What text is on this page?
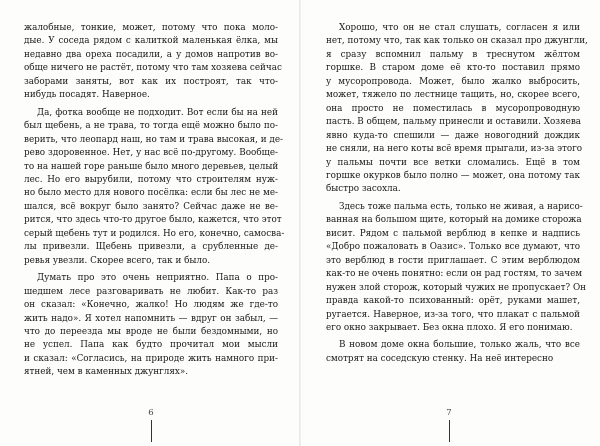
жалобные, тонкие, может, потому что пока моло-
дые. У соседа рядом с калиткой маленькая ёлка, мы
недавно два ореха посадили, а у домов напротив во-
обще ничего не растёт, потому что там хозяева сейчас
заборами заняты, вот как их построят, так что-
нибудь посадят. Наверное.

Да, фотка вообще не подходит. Вот если бы на ней
был щебень, а не трава, то тогда ещё можно было по-
верить, что леопард наш, но там и трава высокая, и де-
рево здоровенное. Нет, у нас всё по-другому. Вообще-
то на нашей горе раньше было много деревьев, целый
лес. Но его вырубили, потому что строителям нуж-
но было место для нового посёлка: если бы лес не ме-
шался, всё вокруг было занято? Сейчас даже не ве-
рится, что здесь что-то другое было, кажется, что этот
серый щебень тут и родился. Но его, конечно, самосва-
лы привезли. Щебень привезли, а срубленные де-
ревья увезли. Скорее всего, так и было.

Думать про это очень неприятно. Папа о про-
шедшем лесе разговаривать не любит. Как-то раз
он сказал: «Конечно, жалко! Но людям же где-то
жить надо». Я хотел напомнить — вдруг он забыл, —
что до переезда мы вроде не были бездомными, но
не успел. Папа как будто прочитал мои мысли
и сказал: «Согласись, на природе жить намного при-
ятней, чем в каменных джунглях».

Хорошо, что он не стал слушать, согласен я или
нет, потому что, так как только он сказал про джунгли,
я сразу вспомнил пальму в треснутом жёлтом
горшке. В старом доме её кто-то поставил прямо
у мусоропровода. Может, было жалко выбросить,
может, тяжело по лестнице тащить, но, скорее всего,
она просто не поместилась в мусоропроводную
пасть. В общем, пальму принесли и оставили. Хозяева
явно куда-то спешили — даже новогодний дождик
не сняли, на него коты всё время прыгали, из-за этого
у пальмы почти все ветки сломались. Ещё в том
горшке окурков было полно — может, она потому так
быстро засохла.

Здесь тоже пальма есть, только не живая, а нарисо-
ванная на большом щите, который на домике сторожа
висит. Рядом с пальмой верблюд в кепке и надпись
«Добро пожаловать в Оазис». Только все думают, что
это верблюд в гости приглашает. С этим верблюдом
как-то не очень понятно: если он рад гостям, то зачем
нужен злой сторож, который чужих не пропускает? Он
правда какой-то психованный: орёт, руками машет,
ругается. Наверное, из-за того, что плакат с пальмой
его окно закрывает. Без окна плохо. Я его понимаю.

В новом доме окна большие, только жаль, что все
смотрят на соседскую стенку. На неё интересно

6	7
